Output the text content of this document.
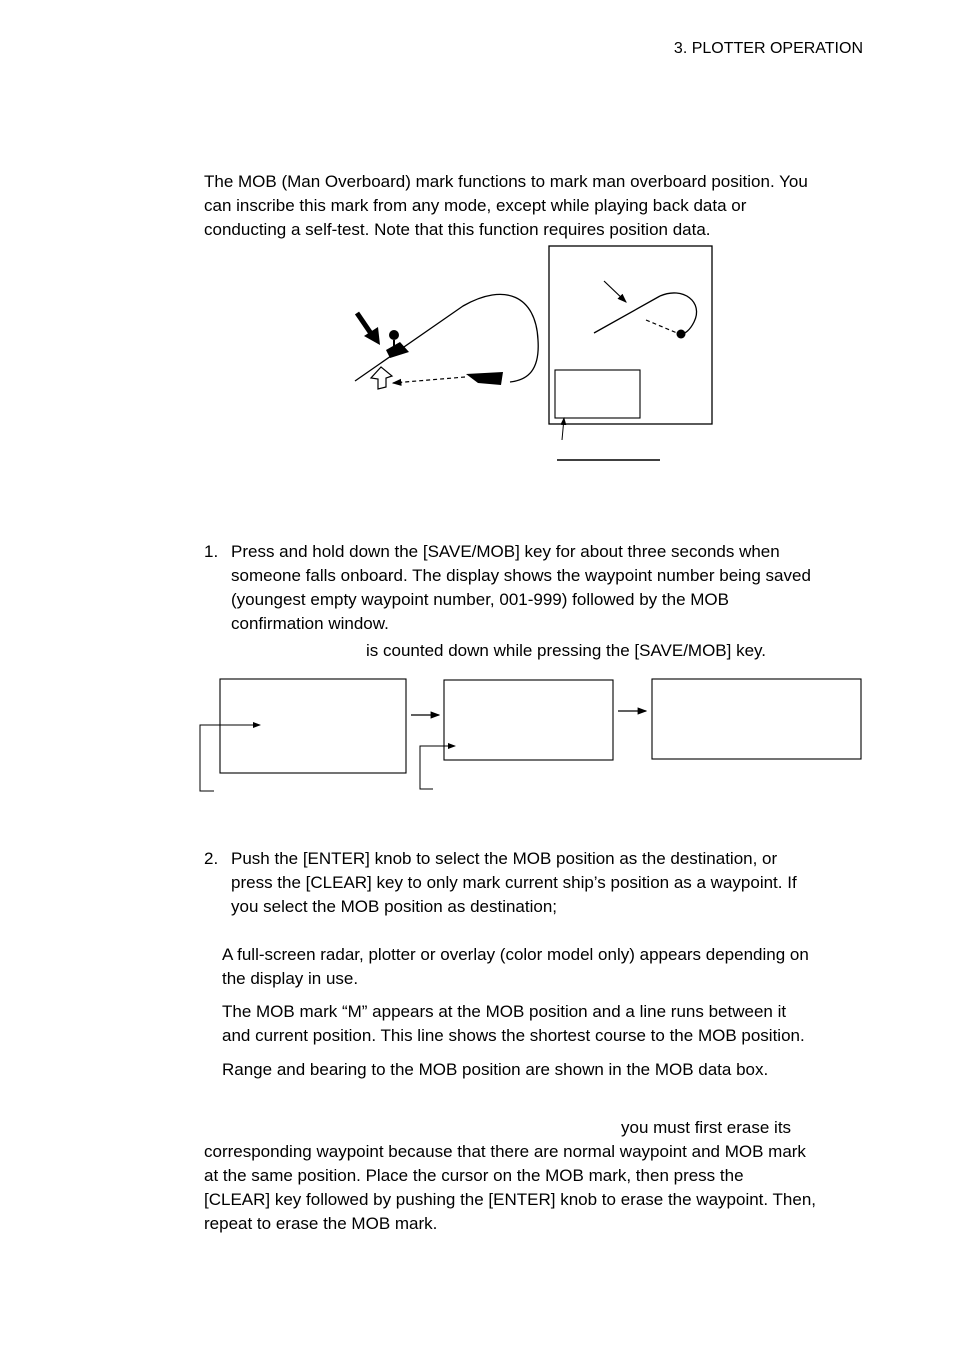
3. PLOTTER OPERATION
The MOB (Man Overboard) mark functions to mark man overboard position. You
can inscribe this mark from any mode, except while playing back data or
conducting a self-test. Note that this function requires position data.
1. Press and hold down the [SAVE/MOB] key for about three seconds when
someone falls onboard. The display shows the waypoint number being saved
(youngest empty waypoint number, 001-999) followed by the MOB
confirmation window.
is counted down while pressing the [SAVE/MOB] key.
2. Push the [ENTER] knob to select the MOB position as the destination, or
press the [CLEAR] key to only mark current ship’s position as a waypoint. If
you select the MOB position as destination;
A full-screen radar, plotter or overlay (color model only) appears depending on
the display in use.
The MOB mark “M” appears at the MOB position and a line runs between it
and current position. This line shows the shortest course to the MOB position.
Range and bearing to the MOB position are shown in the MOB data box.
you must first erase its
corresponding waypoint because that there are normal waypoint and MOB mark
at the same position. Place the cursor on the MOB mark, then press the
[CLEAR] key followed by pushing the [ENTER] knob to erase the waypoint. Then,
repeat to erase the MOB mark.
